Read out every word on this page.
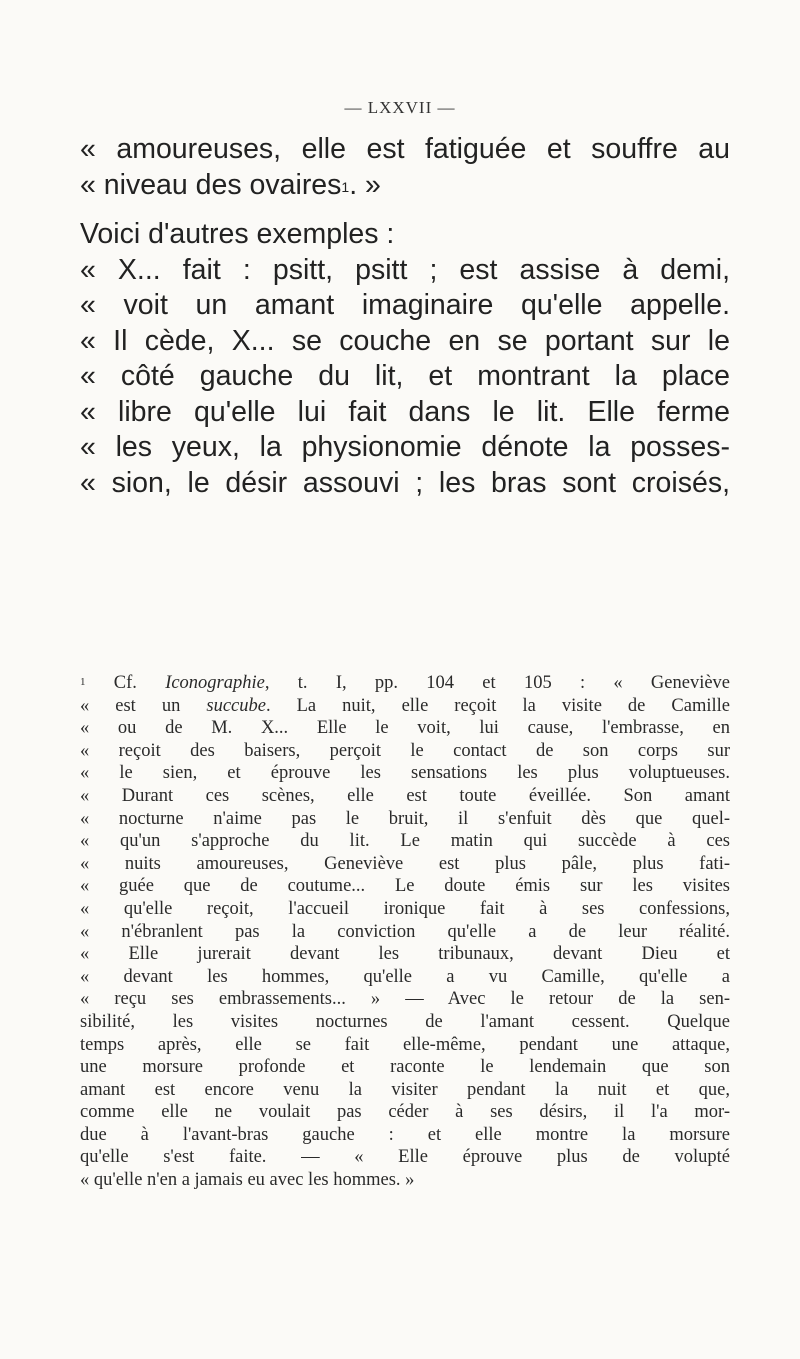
— LXXVII —
« amoureuses, elle est fatiguée et souffre au
« niveau des ovaires$^1$. »
Voici d'autres exemples :
« X... fait : psitt, psitt ; est assise à demi,
« voit un amant imaginaire qu'elle appelle.
« Il cède, X... se couche en se portant sur le
« côté gauche du lit, et montrant la place
« libre qu'elle lui fait dans le lit. Elle ferme
« les yeux, la physionomie dénote la posses-
« sion, le désir assouvi ; les bras sont croisés,
$^1$ Cf. Iconographie, t. I, pp. 104 et 105 : « Geneviève
« est un succube. La nuit, elle reçoit la visite de Camille
« ou de M. X... Elle le voit, lui cause, l'embrasse, en
« reçoit des baisers, perçoit le contact de son corps sur
« le sien, et éprouve les sensations les plus voluptueuses.
« Durant ces scènes, elle est toute éveillée. Son amant
« nocturne n'aime pas le bruit, il s'enfuit dès que quel-
« qu'un s'approche du lit. Le matin qui succède à ces
« nuits amoureuses, Geneviève est plus pâle, plus fati-
« guée que de coutume... Le doute émis sur les visites
« qu'elle reçoit, l'accueil ironique fait à ses confessions,
« n'ébranlent pas la conviction qu'elle a de leur réalité.
« Elle jurerait devant les tribunaux, devant Dieu et
« devant les hommes, qu'elle a vu Camille, qu'elle a
« reçu ses embrassements... » — Avec le retour de la sen-
sibilité, les visites nocturnes de l'amant cessent. Quelque
temps après, elle se fait elle-même, pendant une attaque,
une morsure profonde et raconte le lendemain que son
amant est encore venu la visiter pendant la nuit et que,
comme elle ne voulait pas céder à ses désirs, il l'a mor-
due à l'avant-bras gauche : et elle montre la morsure
qu'elle s'est faite. — « Elle éprouve plus de volupté
« qu'elle n'en a jamais eu avec les hommes. »
